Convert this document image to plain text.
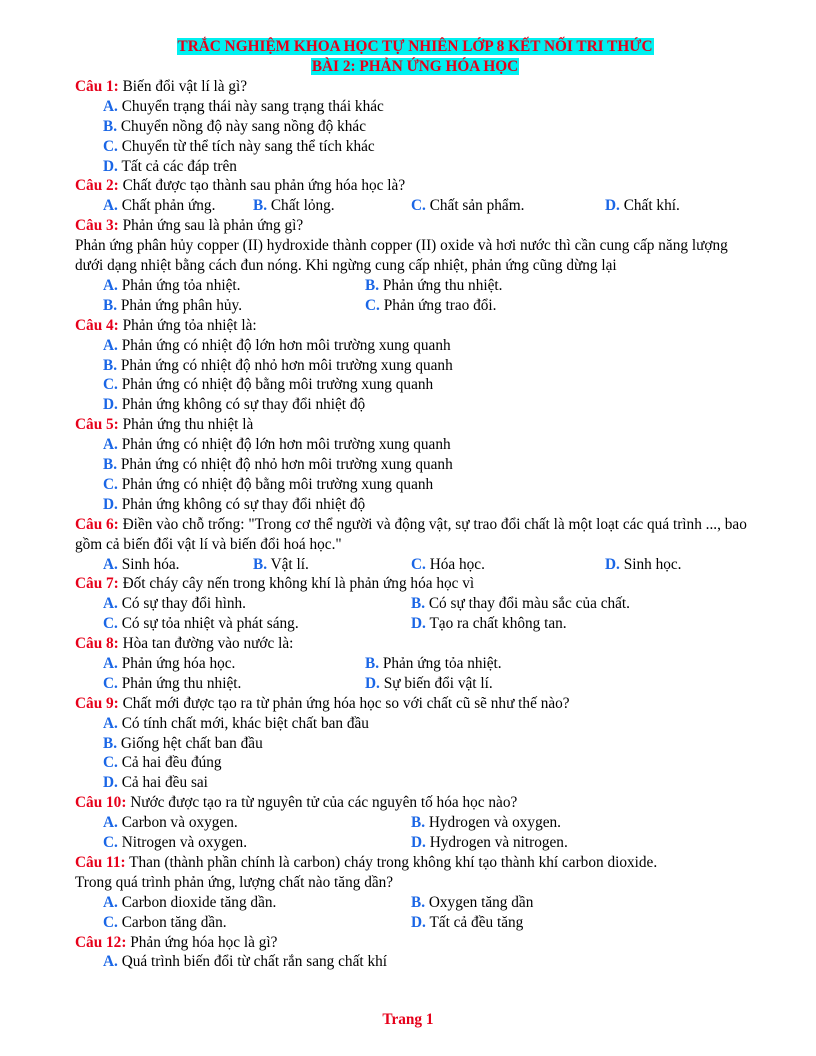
TRẮC NGHIỆM KHOA HỌC TỰ NHIÊN LỚP 8 KẾT NỐI TRI THỨC
BÀI 2: PHẢN ỨNG HÓA HỌC
Câu 1: Biến đổi vật lí là gì?
A. Chuyển trạng thái này sang trạng thái khác
B. Chuyển nồng độ này sang nồng độ khác
C. Chuyển từ thể tích này sang thể tích khác
D. Tất cả các đáp trên
Câu 2: Chất được tạo thành sau phản ứng hóa học là?
A. Chất phản ứng. B. Chất lỏng.	C. Chất sản phẩm.	D. Chất khí.
Câu 3: Phản ứng sau là phản ứng gì?
Phản ứng phân hủy copper (II) hydroxide thành copper (II) oxide và hơi nước thì cần cung cấp năng lượng dưới dạng nhiệt bằng cách đun nóng. Khi ngừng cung cấp nhiệt, phản ứng cũng dừng lại
A. Phản ứng tỏa nhiệt.	B. Phản ứng thu nhiệt.
B. Phản ứng phân hủy.	C. Phản ứng trao đổi.
Câu 4: Phản ứng tỏa nhiệt là:
A. Phản ứng có nhiệt độ lớn hơn môi trường xung quanh
B. Phản ứng có nhiệt độ nhỏ hơn môi trường xung quanh
C. Phản ứng có nhiệt độ bằng môi trường xung quanh
D. Phản ứng không có sự thay đổi nhiệt độ
Câu 5: Phản ứng thu nhiệt là
A. Phản ứng có nhiệt độ lớn hơn môi trường xung quanh
B. Phản ứng có nhiệt độ nhỏ hơn môi trường xung quanh
C. Phản ứng có nhiệt độ bằng môi trường xung quanh
D. Phản ứng không có sự thay đổi nhiệt độ
Câu 6: Điền vào chỗ trống: "Trong cơ thể người và động vật, sự trao đổi chất là một loạt các quá trình ..., bao gồm cả biến đổi vật lí và biến đổi hoá học."
A. Sinh hóa.	B. Vật lí.	C. Hóa học.	D. Sinh học.
Câu 7: Đốt cháy cây nến trong không khí là phản ứng hóa học vì
A. Có sự thay đổi hình.	B. Có sự thay đổi màu sắc của chất.
C. Có sự tỏa nhiệt và phát sáng.	D. Tạo ra chất không tan.
Câu 8: Hòa tan đường vào nước là:
A. Phản ứng hóa học.	B. Phản ứng tỏa nhiệt.
C. Phản ứng thu nhiệt.	D. Sự biến đổi vật lí.
Câu 9: Chất mới được tạo ra từ phản ứng hóa học so với chất cũ sẽ như thế nào?
A. Có tính chất mới, khác biệt chất ban đầu
B. Giống hệt chất ban đầu
C. Cả hai đều đúng
D. Cả hai đều sai
Câu 10: Nước được tạo ra từ nguyên tử của các nguyên tố hóa học nào?
A. Carbon và oxygen.	B. Hydrogen và oxygen.
C. Nitrogen và oxygen.	D. Hydrogen và nitrogen.
Câu 11: Than (thành phần chính là carbon) cháy trong không khí tạo thành khí carbon dioxide. Trong quá trình phản ứng, lượng chất nào tăng dần?
A. Carbon dioxide tăng dần.	B. Oxygen tăng dần
C. Carbon tăng dần.	D. Tất cả đều tăng
Câu 12: Phản ứng hóa học là gì?
A. Quá trình biến đổi từ chất rắn sang chất khí
Trang 1
